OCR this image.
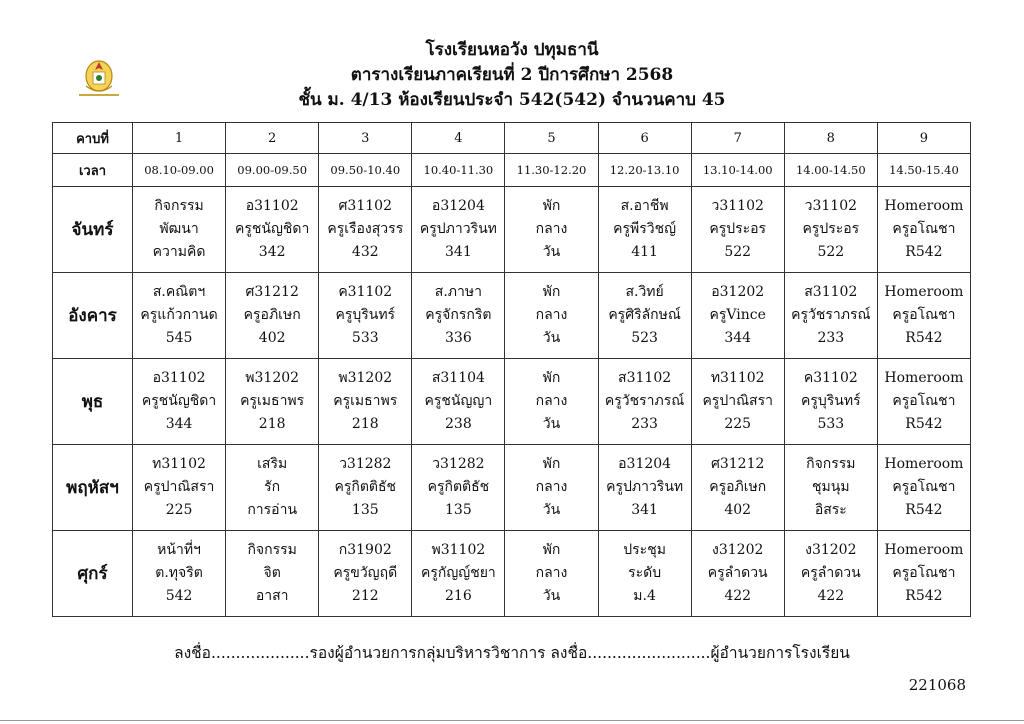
โรงเรียนหอวัง ปทุมธานี
ตารางเรียนภาคเรียนที่ 2 ปีการศึกษา 2568
ชั้น ม. 4/13 ห้องเรียนประจำ 542(542) จำนวนคาบ 45
คาบที่	1	2	3	4	5	6	7	8	9
เวลา	08.10-09.00	09.00-09.50	09.50-10.40	10.40-11.30	11.30-12.20	12.20-13.10	13.10-14.00	14.00-14.50	14.50-15.40
จันทร์	กิจกรรม
พัฒนา
ความคิด	อ31102
ครูชนัญชิดา
342	ศ31102
ครูเรืองสุวรร
432	อ31204
ครูปภาวรินท
341	พัก
กลาง
วัน	ส.อาชีพ
ครูพีรวิชญ์
411	ว31102
ครูประอร
522	ว31102
ครูประอร
522	Homeroom
ครูอโณชา
R542

อังคาร	ส.คณิตฯ
ครูแก้วกานด
545	ศ31212
ครูอภิเษก
402	ค31102
ครูบุรินทร์
533	ส.ภาษา
ครูจักรกริต
336	พัก
กลาง
วัน	ส.วิทย์
ครูศิริลักษณ์
523	อ31202
ครูVince
344	ส31102
ครูวัชราภรณ์
233	Homeroom
ครูอโณชา
R542

พุธ	อ31102
ครูชนัญชิดา
344	พ31202
ครูเมธาพร
218	พ31202
ครูเมธาพร
218	ส31104
ครูชนัญญา
238	พัก
กลาง
วัน	ส31102
ครูวัชราภรณ์
233	ท31102
ครูปาณิสรา
225	ค31102
ครูบุรินทร์
533	Homeroom
ครูอโณชา
R542

พฤหัสฯ	ท31102
ครูปาณิสรา
225	เสริม
รัก
การอ่าน	ว31282
ครูกิตติธัช
135	ว31282
ครูกิตติธัช
135	พัก
กลาง
วัน	อ31204
ครูปภาวรินท
341	ศ31212
ครูอภิเษก
402	กิจกรรม
ชุมนุม
อิสระ	Homeroom
ครูอโณชา
R542

ศุกร์	หน้าที่ฯ
ต.ทุจริต
542	กิจกรรม
จิต
อาสา	ก31902
ครูขวัญฤดี
212	พ31102
ครูกัญญ์ชยา
216	พัก
กลาง
วัน	ประชุม
ระดับ
ม.4	ง31202
ครูลำดวน
422	ง31202
ครูลำดวน
422	Homeroom
ครูอโณชา
R542
ลงชื่อ....................รองผู้อำนวยการกลุ่มบริหารวิชาการ ลงชื่อ.........................ผู้อำนวยการโรงเรียน
221068
